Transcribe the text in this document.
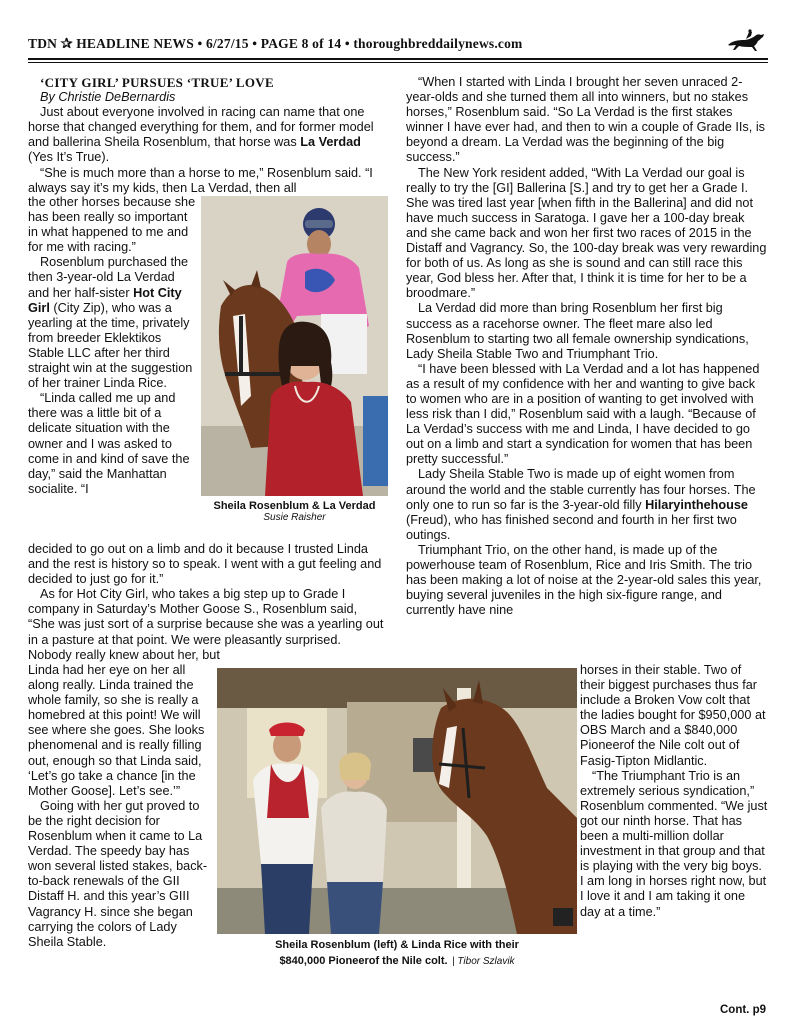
TDN ✰ HEADLINE NEWS • 6/27/15 • PAGE 8 of 14 • thoroughbreddailynews.com

‘CITY GIRL’ PURSUES ‘TRUE’ LOVE

By Christie DeBernardis

Just about everyone involved in racing can name that one horse that changed everything for them, and for former model and ballerina Sheila Rosenblum, that horse was La Verdad (Yes It’s True).

“She is much more than a horse to me,” Rosenblum said. “I always say it’s my kids, then La Verdad, then all

the other horses because she has been really so important in what happened to me and for me with racing.”

Rosenblum purchased the then 3-year-old La Verdad and her half-sister Hot City Girl (City Zip), who was a yearling at the time, privately from breeder Eklektikos Stable LLC after her third straight win at the suggestion of her trainer Linda Rice.

“Linda called me up and there was a little bit of a delicate situation with the owner and I was asked to come in and kind of save the day,” said the Manhattan socialite. “I

Sheila Rosenblum & La Verdad
Susie Raisher

decided to go out on a limb and do it because I trusted Linda and the rest is history so to speak. I went with a gut feeling and decided to just go for it.”

As for Hot City Girl, who takes a big step up to Grade I company in Saturday’s Mother Goose S., Rosenblum said, “She was just sort of a surprise because she was a yearling out in a pasture at that point. We were pleasantly surprised. Nobody really knew about her, but

Linda had her eye on her all along really. Linda trained the whole family, so she is really a homebred at this point! We will see where she goes. She looks phenomenal and is really filling out, enough so that Linda said, ‘Let’s go take a chance [in the Mother Goose]. Let’s see.’”

Going with her gut proved to be the right decision for Rosenblum when it came to La Verdad. The speedy bay has won several listed stakes, back-to-back renewals of the GII Distaff H. and this year’s GIII Vagrancy H. since she began carrying the colors of Lady Sheila Stable.

“When I started with Linda I brought her seven unraced 2-year-olds and she turned them all into winners, but no stakes horses,” Rosenblum said. “So La Verdad is the first stakes winner I have ever had, and then to win a couple of Grade IIs, is beyond a dream. La Verdad was the beginning of the big success.”

The New York resident added, “With La Verdad our goal is really to try the [GI] Ballerina [S.] and try to get her a Grade I. She was tired last year [when fifth in the Ballerina] and did not have much success in Saratoga. I gave her a 100-day break and she came back and won her first two races of 2015 in the Distaff and Vagrancy. So, the 100-day break was very rewarding for both of us. As long as she is sound and can still race this year, God bless her. After that, I think it is time for her to be a broodmare.”

La Verdad did more than bring Rosenblum her first big success as a racehorse owner. The fleet mare also led Rosenblum to starting two all female ownership syndications, Lady Sheila Stable Two and Triumphant Trio.

“I have been blessed with La Verdad and a lot has happened as a result of my confidence with her and wanting to give back to women who are in a position of wanting to get involved with less risk than I did,” Rosenblum said with a laugh. “Because of La Verdad’s success with me and Linda, I have decided to go out on a limb and start a syndication for women that has been pretty successful.”

Lady Sheila Stable Two is made up of eight women from around the world and the stable currently has four horses. The only one to run so far is the 3-year-old filly Hilaryinthehouse (Freud), who has finished second and fourth in her first two outings.

Triumphant Trio, on the other hand, is made up of the powerhouse team of Rosenblum, Rice and Iris Smith. The trio has been making a lot of noise at the 2-year-old sales this year, buying several juveniles in the high six-figure range, and currently have nine

horses in their stable. Two of their biggest purchases thus far include a Broken Vow colt that the ladies bought for $950,000 at OBS March and a $840,000 Pioneerof the Nile colt out of Fasig-Tipton Midlantic.

“The Triumphant Trio is an extremely serious syndication,” Rosenblum commented. “We just got our ninth horse. That has been a multi-million dollar investment in that group and that is playing with the very big boys. I am long in horses right now, but I love it and I am taking it one day at a time.”

Sheila Rosenblum (left) & Linda Rice with their
$840,000 Pioneerof the Nile colt. | Tibor Szlavik
Cont. p9
